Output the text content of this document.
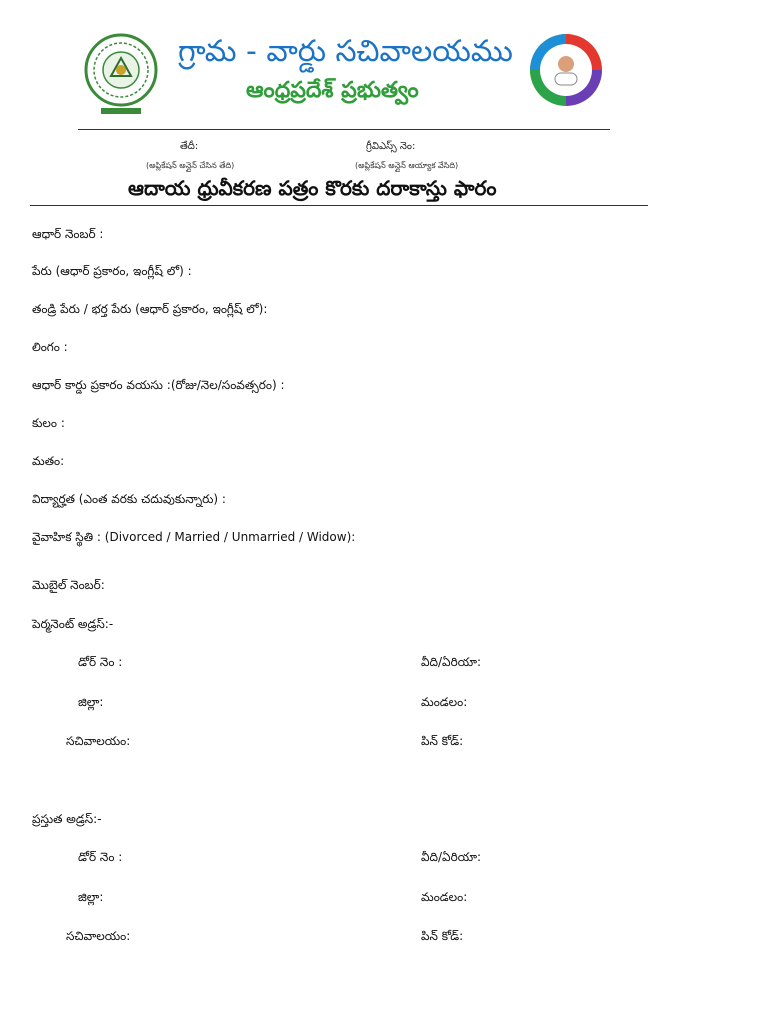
గ్రామ - వార్డు సచివాలయము
ఆంధ్రప్రదేశ్ ప్రభుత్వం
తేదీ:
(అప్లికేషన్ అన్లైన్ చేసిన తేది)
గ్రీవిఎస్స్ నెం:
(అప్లికేషన్ అన్లైన్ ఆయ్యాక వేసిది)
ఆదాయ ధ్రువీకరణ పత్రం కొరకు దరాకాస్తు ఫారం
ఆధార్ నెంబర్ :
పేరు (ఆధార్ ప్రకారం, ఇంగ్లీష్ లో) :
తండ్రి పేరు / భర్త పేరు (ఆధార్ ప్రకారం, ఇంగ్లీష్ లో):
లింగం :
ఆధార్ కార్డు ప్రకారం వయసు :(రోజు/నెల/సంవత్సరం) :
కులం :
మతం:
విద్యార్హత (ఎంత వరకు చదువుకున్నారు) :
వైవాహిక స్థితి : (Divorced / Married / Unmarried / Widow):
మొబైల్ నెంబర్:
పెర్మనెంట్ అడ్రస్:-
డోర్ నెం :	వీది/ఏరియా:
జిల్లా:	మండలం:
సచివాలయం:	పిన్ కోడ్:
ప్రస్తుత అడ్రస్:-
డోర్ నెం :	వీది/ఏరియా:
జిల్లా:	మండలం:
సచివాలయం:	పిన్ కోడ్:
